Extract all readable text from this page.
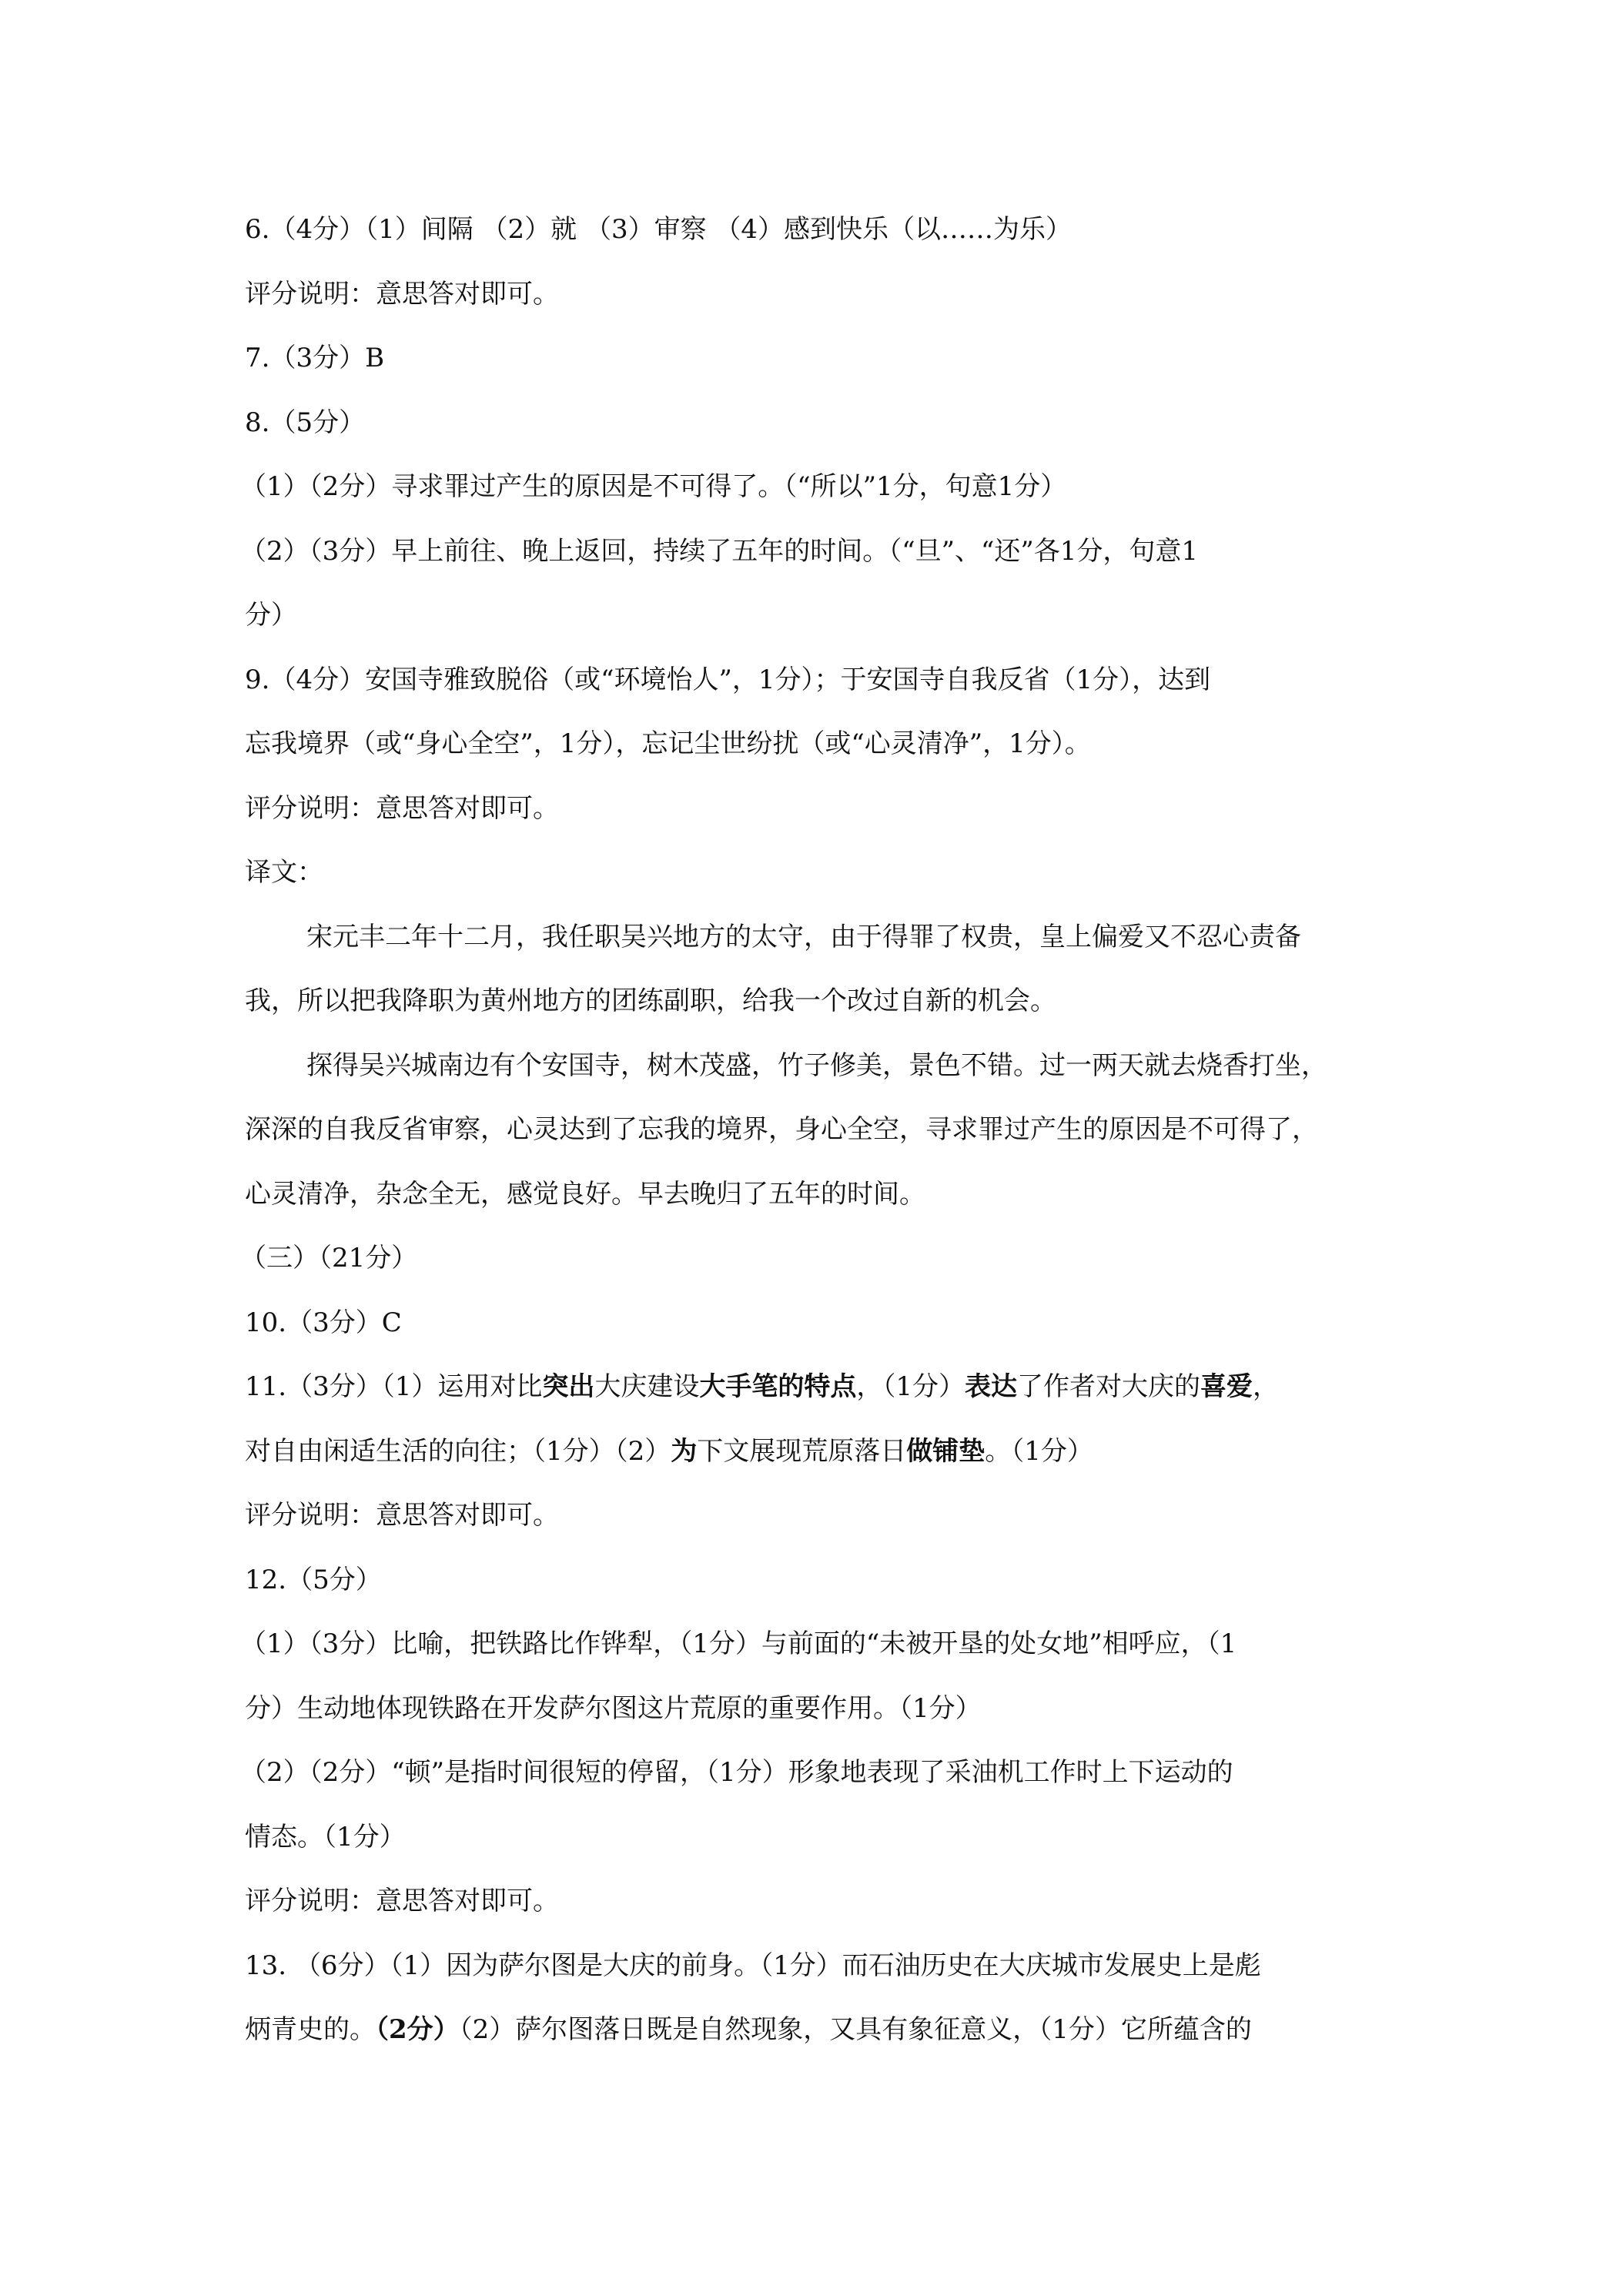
6.（4分）（1）间隔 （2）就 （3）审察 （4）感到快乐（以……为乐）
评分说明：意思答对即可。
7.（3分）B
8.（5分）
（1）（2分）寻求罪过产生的原因是不可得了。（“所以”1分，句意1分）
（2）（3分）早上前往、晚上返回，持续了五年的时间。（“旦”、“还”各1分，句意1
分）
9.（4分）安国寺雅致脱俗（或“环境怡人”，1分）；于安国寺自我反省（1分），达到
忘我境界（或“身心全空”，1分），忘记尘世纷扰（或“心灵清净”，1分）。
评分说明：意思答对即可。
译文：
宋元丰二年十二月，我任职吴兴地方的太守，由于得罪了权贵，皇上偏爱又不忍心责备
我，所以把我降职为黄州地方的团练副职，给我一个改过自新的机会。
探得吴兴城南边有个安国寺，树木茂盛，竹子修美，景色不错。过一两天就去烧香打坐，
深深的自我反省审察，心灵达到了忘我的境界，身心全空，寻求罪过产生的原因是不可得了，
心灵清净，杂念全无，感觉良好。早去晚归了五年的时间。
（三）（21分）
10.（3分）C
11.（3分）（1）运用对比突出大庆建设大手笔的特点，（1分）表达了作者对大庆的喜爱，
对自由闲适生活的向往；（1分）（2）为下文展现荒原落日做铺垫。（1分）
评分说明：意思答对即可。
12.（5分）
（1）（3分）比喻，把铁路比作铧犁，（1分）与前面的“未被开垦的处女地”相呼应，（1
分）生动地体现铁路在开发萨尔图这片荒原的重要作用。（1分）
（2）（2分）“顿”是指时间很短的停留，（1分）形象地表现了采油机工作时上下运动的
情态。（1分）
评分说明：意思答对即可。
13. （6分）（1）因为萨尔图是大庆的前身。（1分）而石油历史在大庆城市发展史上是彪
炳青史的。（2分）（2）萨尔图落日既是自然现象，又具有象征意义，（1分）它所蕴含的
